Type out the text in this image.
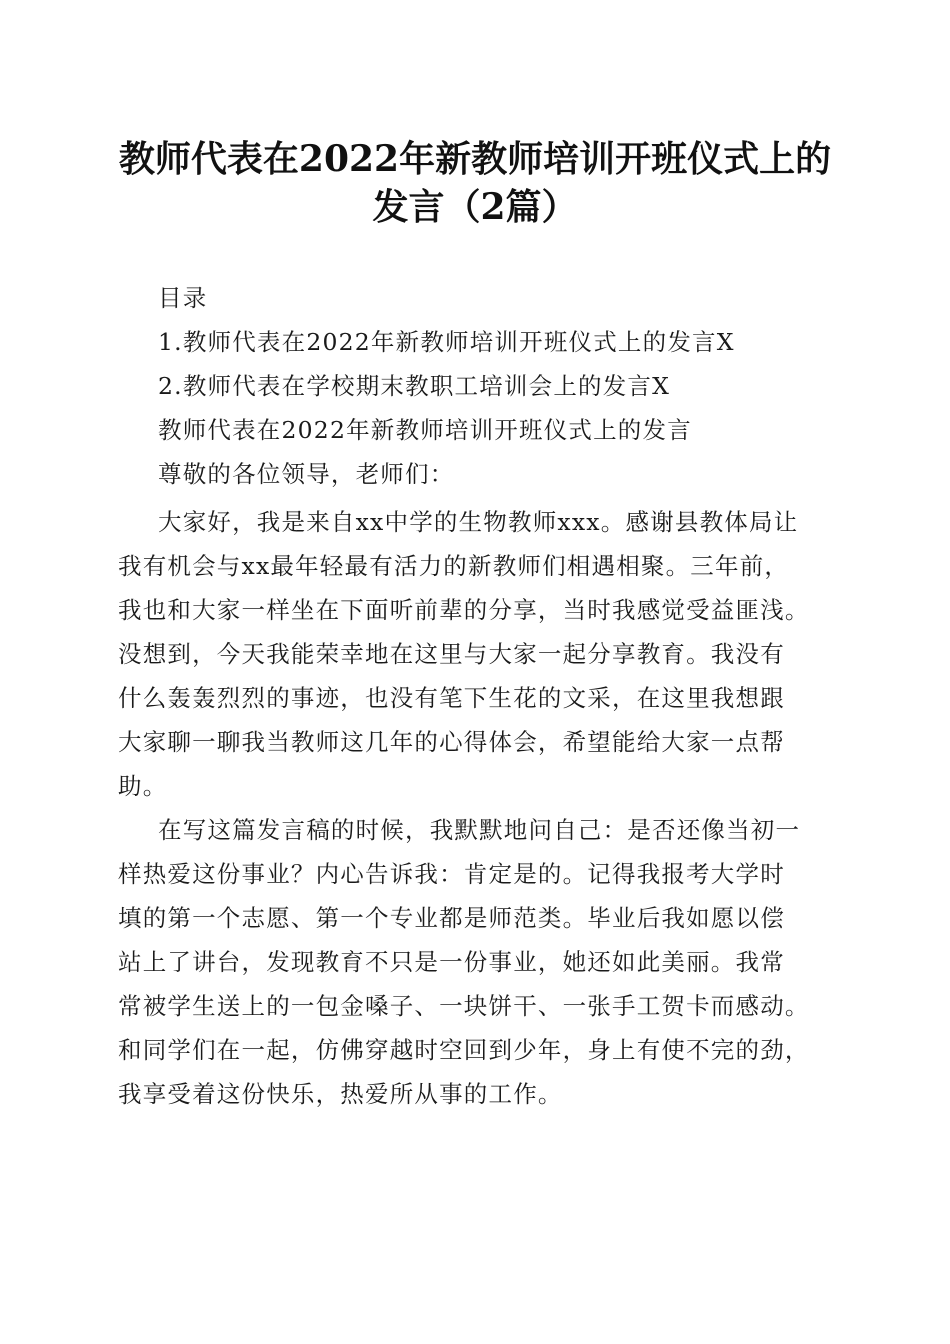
教师代表在2022年新教师培训开班仪式上的
发言（2篇）
目录
1.教师代表在2022年新教师培训开班仪式上的发言X
2.教师代表在学校期末教职工培训会上的发言X
教师代表在2022年新教师培训开班仪式上的发言
尊敬的各位领导，老师们：
大家好，我是来自xx中学的生物教师xxx。感谢县教体局让
我有机会与xx最年轻最有活力的新教师们相遇相聚。三年前，
我也和大家一样坐在下面听前辈的分享，当时我感觉受益匪浅。
没想到，今天我能荣幸地在这里与大家一起分享教育。我没有
什么轰轰烈烈的事迹，也没有笔下生花的文采，在这里我想跟
大家聊一聊我当教师这几年的心得体会，希望能给大家一点帮
助。
在写这篇发言稿的时候，我默默地问自己：是否还像当初一
样热爱这份事业？内心告诉我：肯定是的。记得我报考大学时
填的第一个志愿、第一个专业都是师范类。毕业后我如愿以偿
站上了讲台，发现教育不只是一份事业，她还如此美丽。我常
常被学生送上的一包金嗓子、一块饼干、一张手工贺卡而感动。
和同学们在一起，仿佛穿越时空回到少年，身上有使不完的劲，
我享受着这份快乐，热爱所从事的工作。
